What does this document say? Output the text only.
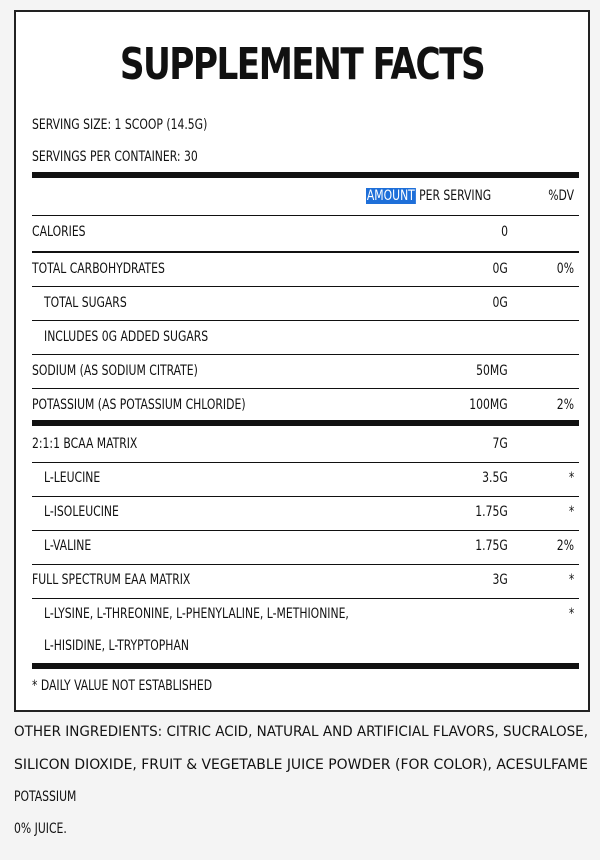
SUPPLEMENT FACTS
SERVING SIZE: 1 SCOOP (14.5G)
SERVINGS PER CONTAINER: 30
AMOUNT PER SERVING	%DV
CALORIES	0
TOTAL CARBOHYDRATES	0G	0%
TOTAL SUGARS	0G
INCLUDES 0G ADDED SUGARS
SODIUM (AS SODIUM CITRATE)	50MG
POTASSIUM (AS POTASSIUM CHLORIDE)	100MG	2%
2:1:1 BCAA MATRIX	7G
L-LEUCINE	3.5G	*
L-ISOLEUCINE	1.75G	*
L-VALINE	1.75G	2%
FULL SPECTRUM EAA MATRIX	3G	*
L-LYSINE, L-THREONINE, L-PHENYLALINE, L-METHIONINE,	*
L-HISIDINE, L-TRYPTOPHAN
* DAILY VALUE NOT ESTABLISHED
OTHER INGREDIENTS: CITRIC ACID, NATURAL AND ARTIFICIAL FLAVORS, SUCRALOSE,
SILICON DIOXIDE, FRUIT & VEGETABLE JUICE POWDER (FOR COLOR), ACESULFAME
POTASSIUM
0% JUICE.
